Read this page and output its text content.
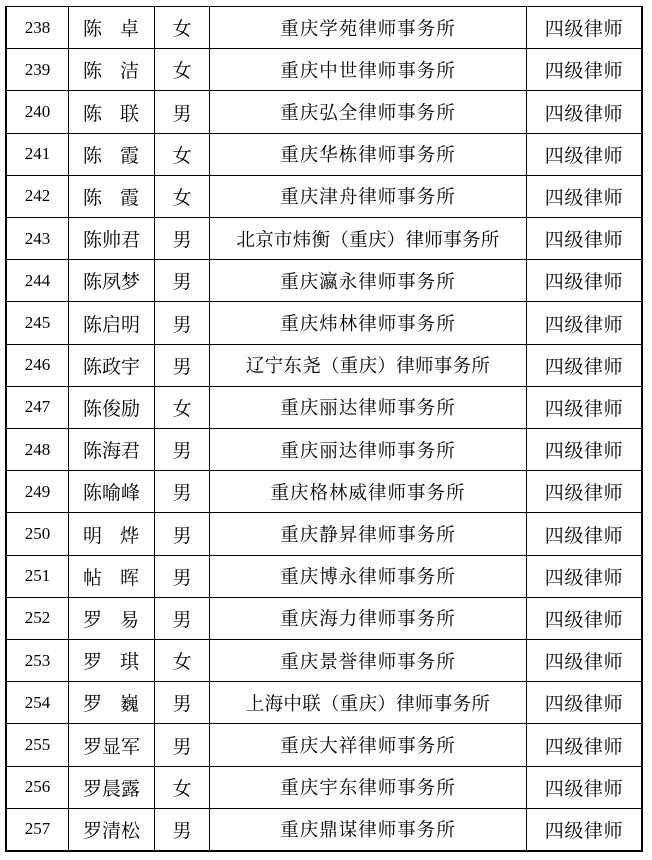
238	陈 卓	女	重庆学苑律师事务所	四级律师
239	陈 洁	女	重庆中世律师事务所	四级律师
240	陈 联	男	重庆弘全律师事务所	四级律师
241	陈 霞	女	重庆华栋律师事务所	四级律师
242	陈 霞	女	重庆津舟律师事务所	四级律师
243	陈帅君	男	北京市炜衡（重庆）律师事务所	四级律师
244	陈夙梦	男	重庆瀛永律师事务所	四级律师
245	陈启明	男	重庆炜林律师事务所	四级律师
246	陈政宇	男	辽宁东尧（重庆）律师事务所	四级律师
247	陈俊励	女	重庆丽达律师事务所	四级律师
248	陈海君	男	重庆丽达律师事务所	四级律师
249	陈喻峰	男	重庆格林威律师事务所	四级律师
250	明 烨	男	重庆静昇律师事务所	四级律师
251	帖 晖	男	重庆博永律师事务所	四级律师
252	罗 易	男	重庆海力律师事务所	四级律师
253	罗 琪	女	重庆景誉律师事务所	四级律师
254	罗 巍	男	上海中联（重庆）律师事务所	四级律师
255	罗显军	男	重庆大祥律师事务所	四级律师
256	罗晨露	女	重庆宇东律师事务所	四级律师
257	罗清松	男	重庆鼎谋律师事务所	四级律师
